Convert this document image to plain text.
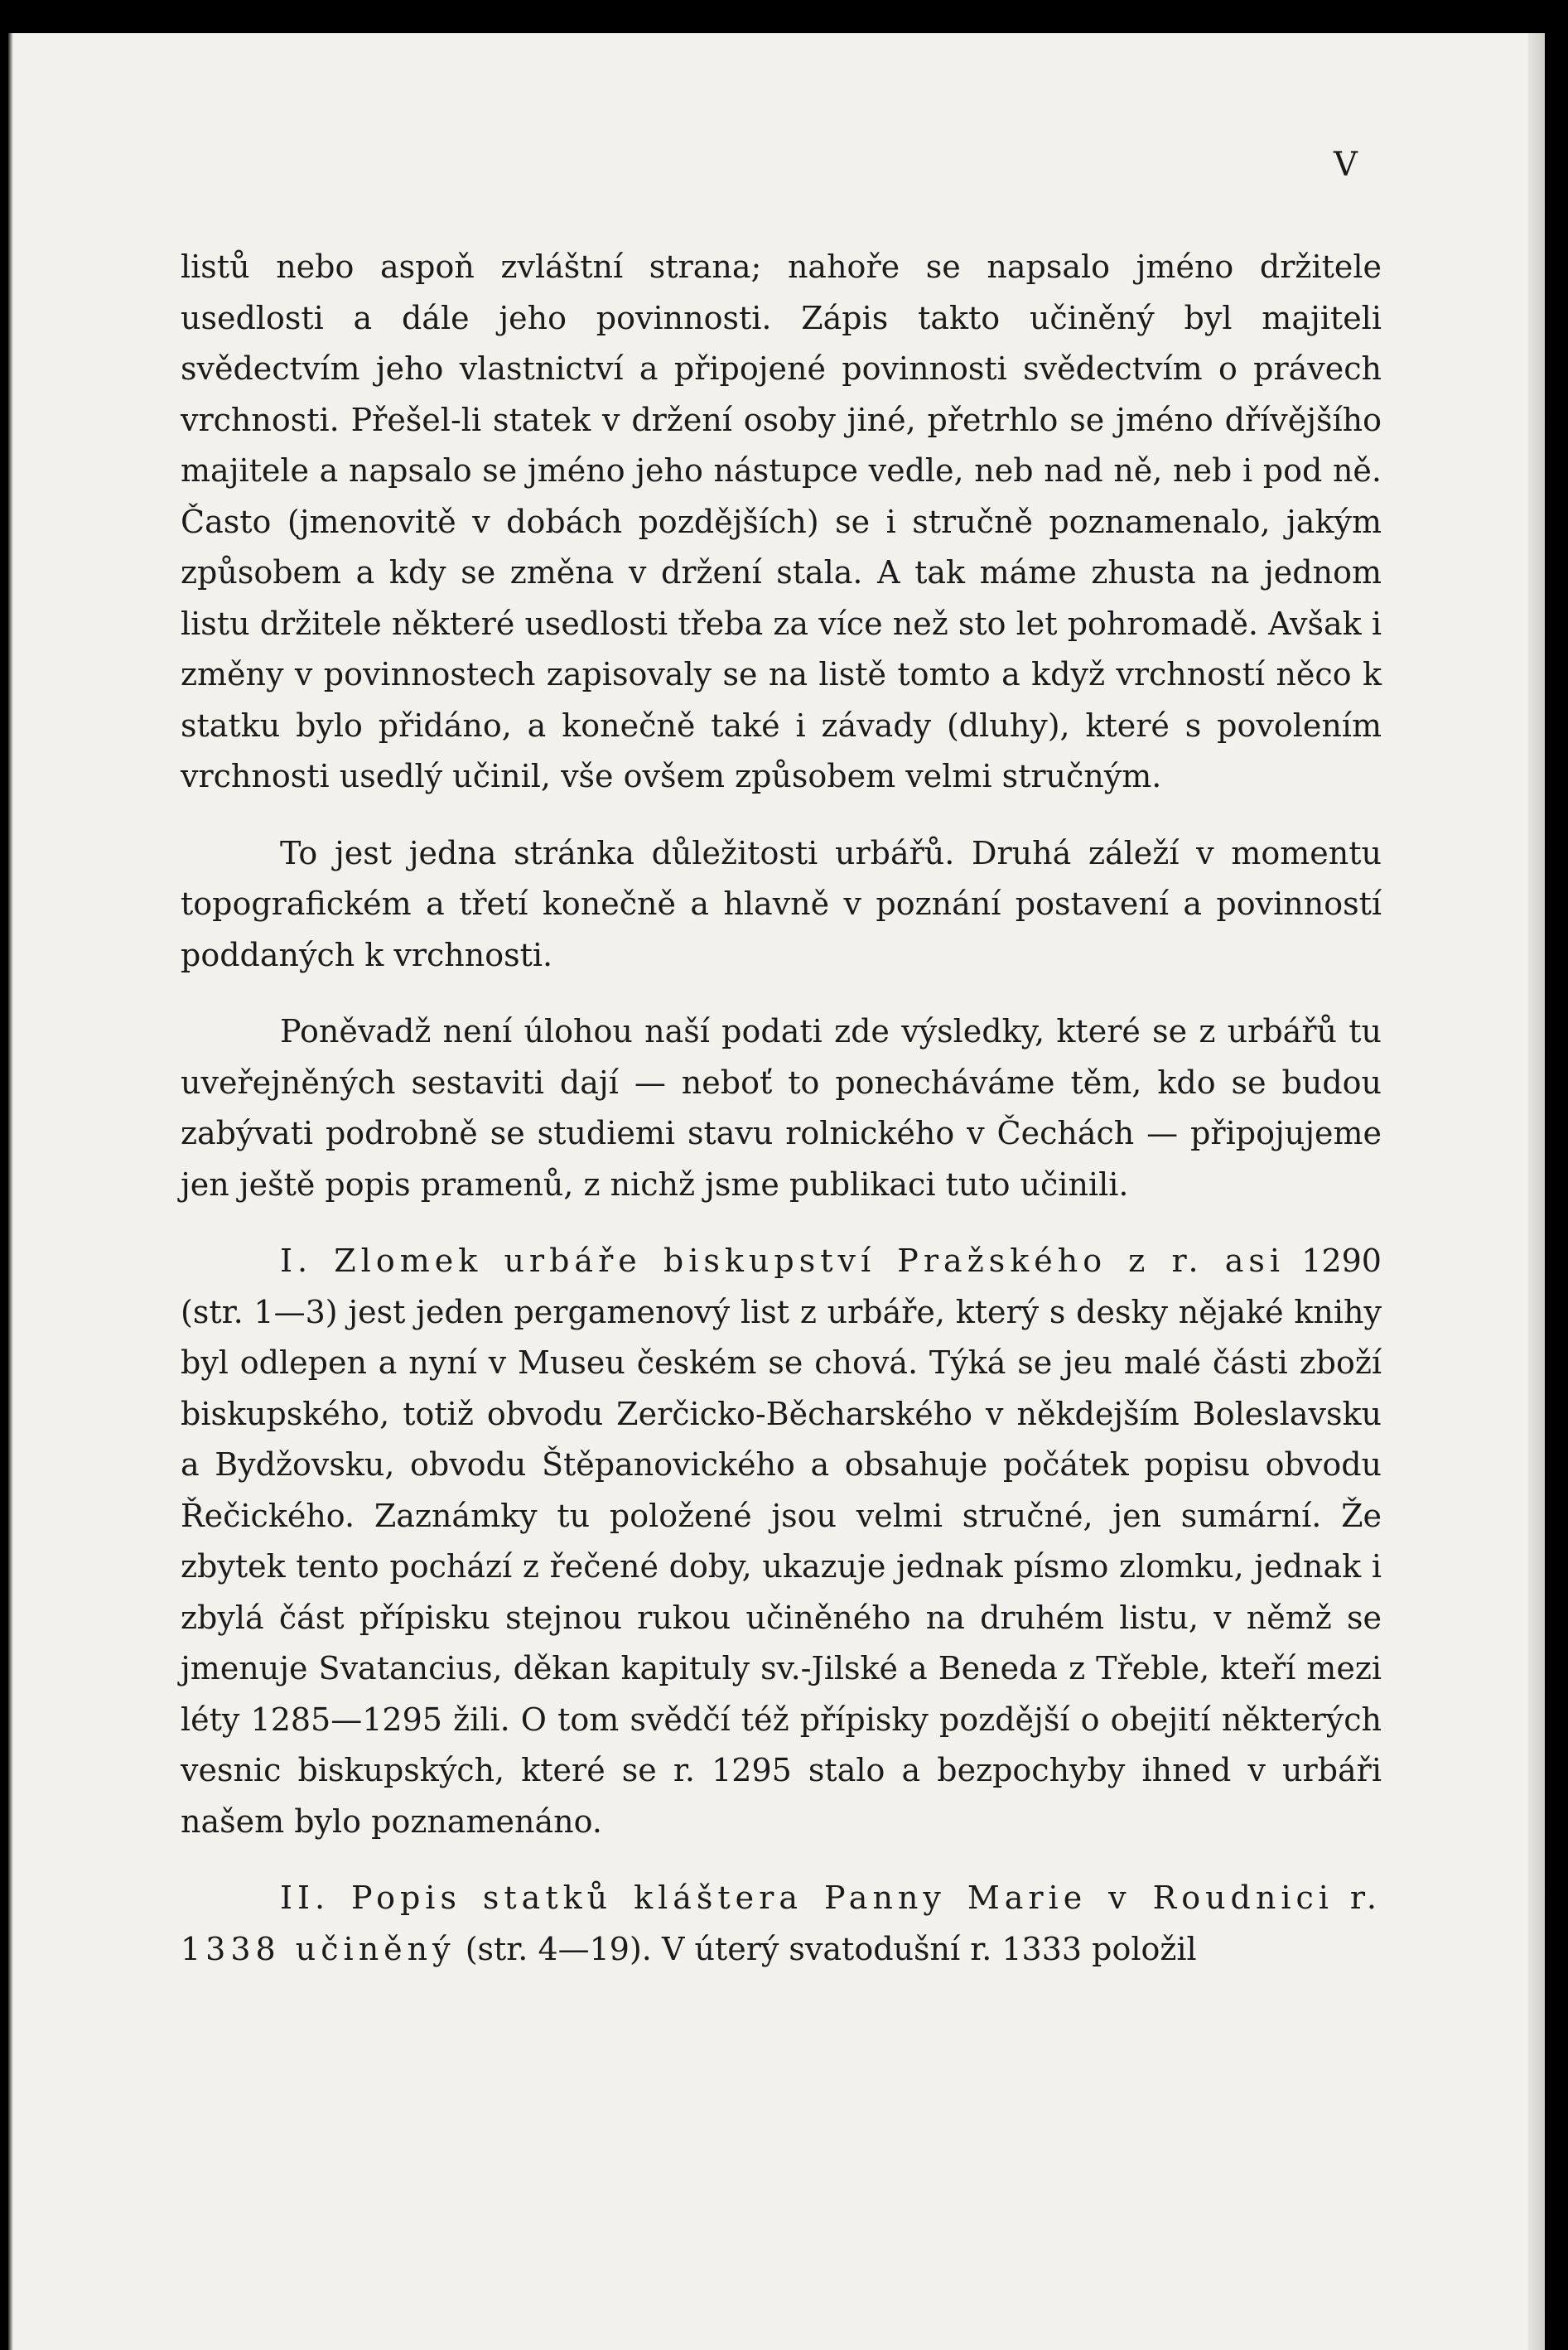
V

listů nebo aspoň zvláštní strana; nahoře se napsalo jméno držitele usedlosti a dále jeho povinnosti. Zápis takto učiněný byl majiteli svědectvím jeho vlastnictví a připojené povinnosti svědectvím o právech vrchnosti. Přešel-li statek v držení osoby jiné, přetrhlo se jméno dřívějšího majitele a napsalo se jméno jeho nástupce vedle, neb nad ně, neb i pod ně. Často (jmenovitě v dobách pozdějších) se i stručně poznamenalo, jakým způsobem a kdy se změna v držení stala. A tak máme zhusta na jednom listu držitele některé usedlosti třeba za více než sto let pohromadě. Avšak i změny v povinnostech zapisovaly se na listě tomto a když vrchností něco k statku bylo přidáno, a konečně také i závady (dluhy), které s povolením vrchnosti usedlý učinil, vše ovšem způsobem velmi stručným.

To jest jedna stránka důležitosti urbářů. Druhá záleží v momentu topografickém a třetí konečně a hlavně v poznání postavení a povinností poddaných k vrchnosti.

Poněvadž není úlohou naší podati zde výsledky, které se z urbářů tu uveřejněných sestaviti dají — neboť to ponecháváme těm, kdo se budou zabývati podrobně se studiemi stavu rolnického v Čechách — připojujeme jen ještě popis pramenů, z nichž jsme publikaci tuto učinili.

I. Zlomek urbáře biskupství Pražského z r. asi 1290 (str. 1—3) jest jeden pergamenový list z urbáře, který s desky nějaké knihy byl odlepen a nyní v Museu českém se chová. Týká se jeu malé části zboží biskupského, totiž obvodu Zerčicko-Běcharského v někdejším Boleslavsku a Bydžovsku, obvodu Štěpanovického a obsahuje počátek popisu obvodu Řečického. Zaznámky tu položené jsou velmi stručné, jen sumární. Že zbytek tento pochází z řečené doby, ukazuje jednak písmo zlomku, jednak i zbylá část přípisku stejnou rukou učiněného na druhém listu, v němž se jmenuje Svatancius, děkan kapituly sv.-Jilské a Beneda z Třeble, kteří mezi léty 1285—1295 žili. O tom svědčí též přípisky pozdější o obejití některých vesnic biskupských, které se r. 1295 stalo a bezpochyby ihned v urbáři našem bylo poznamenáno.

II. Popis statků kláštera Panny Marie v Roudnici r. 1338 učiněný (str. 4—19). V úterý svatodušní r. 1333 položil
